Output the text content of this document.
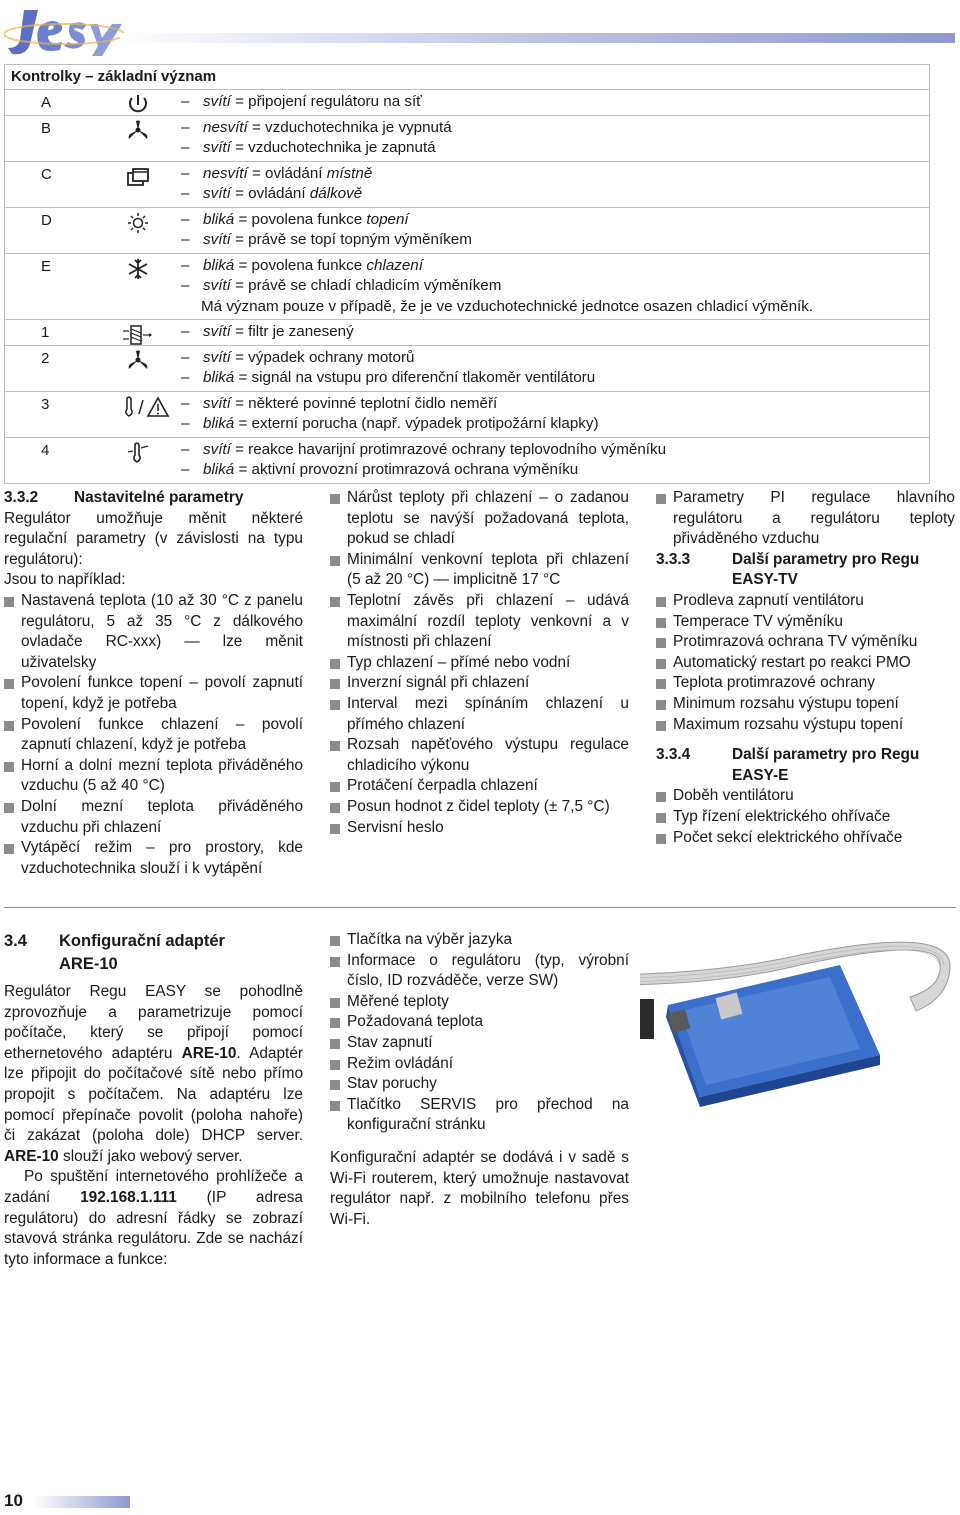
Jesy
Kontrolky – základní význam
A	– svítí = připojení regulátoru na síť
B	– nesvítí = vzduchotechnika je vypnutá
– svítí = vzduchotechnika je zapnutá
C	– nesvítí = ovládání místně
– svítí = ovládání dálkově
D	– bliká = povolena funkce topení
– svítí = právě se topí topným výměníkem
E	– bliká = povolena funkce chlazení
– svítí = právě se chladí chladicím výměníkem
Má význam pouze v případě, že je ve vzduchotechnické jednotce osazen chladicí výměník.
1	– svítí = filtr je zanesený
2	– svítí = výpadek ochrany motorů
– bliká = signál na vstupu pro diferenční tlakoměr ventilátoru
3	– svítí = některé povinné teplotní čidlo neměří
– bliká = externí porucha (např. výpadek protipožární klapky)
4	– svítí = reakce havarijní protimrazové ochrany teplovodního výměníku
– bliká = aktivní provozní protimrazová ochrana výměníku
3.3.2 Nastavitelné parametry

Regulátor umožňuje měnit některé regulační parametry (v závislosti na typu regulátoru):

Jsou to například:

Nastavená teplota (10 až 30 °C z panelu regulátoru, 5 až 35 °C z dálkového ovladače RC-xxx) — lze měnit uživatelsky
Povolení funkce topení – povolí zapnutí topení, když je potřeba
Povolení funkce chlazení – povolí zapnutí chlazení, když je potřeba
Horní a dolní mezní teplota přiváděného vzduchu (5 až 40 °C)
Dolní mezní teplota přiváděného vzduchu při chlazení
Vytápěcí režim – pro prostory, kde vzduchotechnika slouží i k vytápění
Nárůst teploty při chlazení – o zadanou teplotu se navýší požadovaná teplota, pokud se chladí
Minimální venkovní teplota při chlazení (5 až 20 °C) — implicitně 17 °C
Teplotní závěs při chlazení – udává maximální rozdíl teploty venkovní a v místnosti při chlazení
Typ chlazení – přímé nebo vodní
Inverzní signál při chlazení
Interval mezi spínáním chlazení u přímého chlazení
Rozsah napěťového výstupu regulace chladicího výkonu
Protáčení čerpadla chlazení
Posun hodnot z čidel teploty (± 7,5 °C)
Servisní heslo
Parametry PI regulace hlavního regulátoru a regulátoru teploty přiváděného vzduchu
3.3.3	Další parametry pro Regu EASY-TV
Prodleva zapnutí ventilátoru
Temperace TV výměníku
Protimrazová ochrana TV výměníku
Automatický restart po reakci PMO
Teplota protimrazové ochrany
Minimum rozsahu výstupu topení
Maximum rozsahu výstupu topení
3.3.4	Další parametry pro Regu EASY-E
Doběh ventilátoru
Typ řízení elektrického ohřívače
Počet sekcí elektrického ohřívače
3.4	Konfigurační adaptér ARE-10

Regulátor Regu EASY se pohodlně zprovozňuje a parametrizuje pomocí počítače, který se připojí pomocí ethernetového adaptéru ARE-10. Adaptér lze připojit do počítačové sítě nebo přímo propojit s počítačem. Na adaptéru lze pomocí přepínače povolit (poloha nahoře) či zakázat (poloha dole) DHCP server. ARE-10 slouží jako webový server.

Po spuštění internetového prohlížeče a zadání 192.168.1.111 (IP adresa regulátoru) do adresní řádky se zobrazí stavová stránka regulátoru. Zde se nachází tyto informace a funkce:

Tlačítka na výběr jazyka
Informace o regulátoru (typ, výrobní číslo, ID rozváděče, verze SW)
Měřené teploty
Požadovaná teplota
Stav zapnutí
Režim ovládání
Stav poruchy
Tlačítko SERVIS pro přechod na konfigurační stránku

Konfigurační adaptér se dodává i v sadě s Wi-Fi routerem, který umožnuje nastavovat regulátor např. z mobilního telefonu přes Wi-Fi.

10
